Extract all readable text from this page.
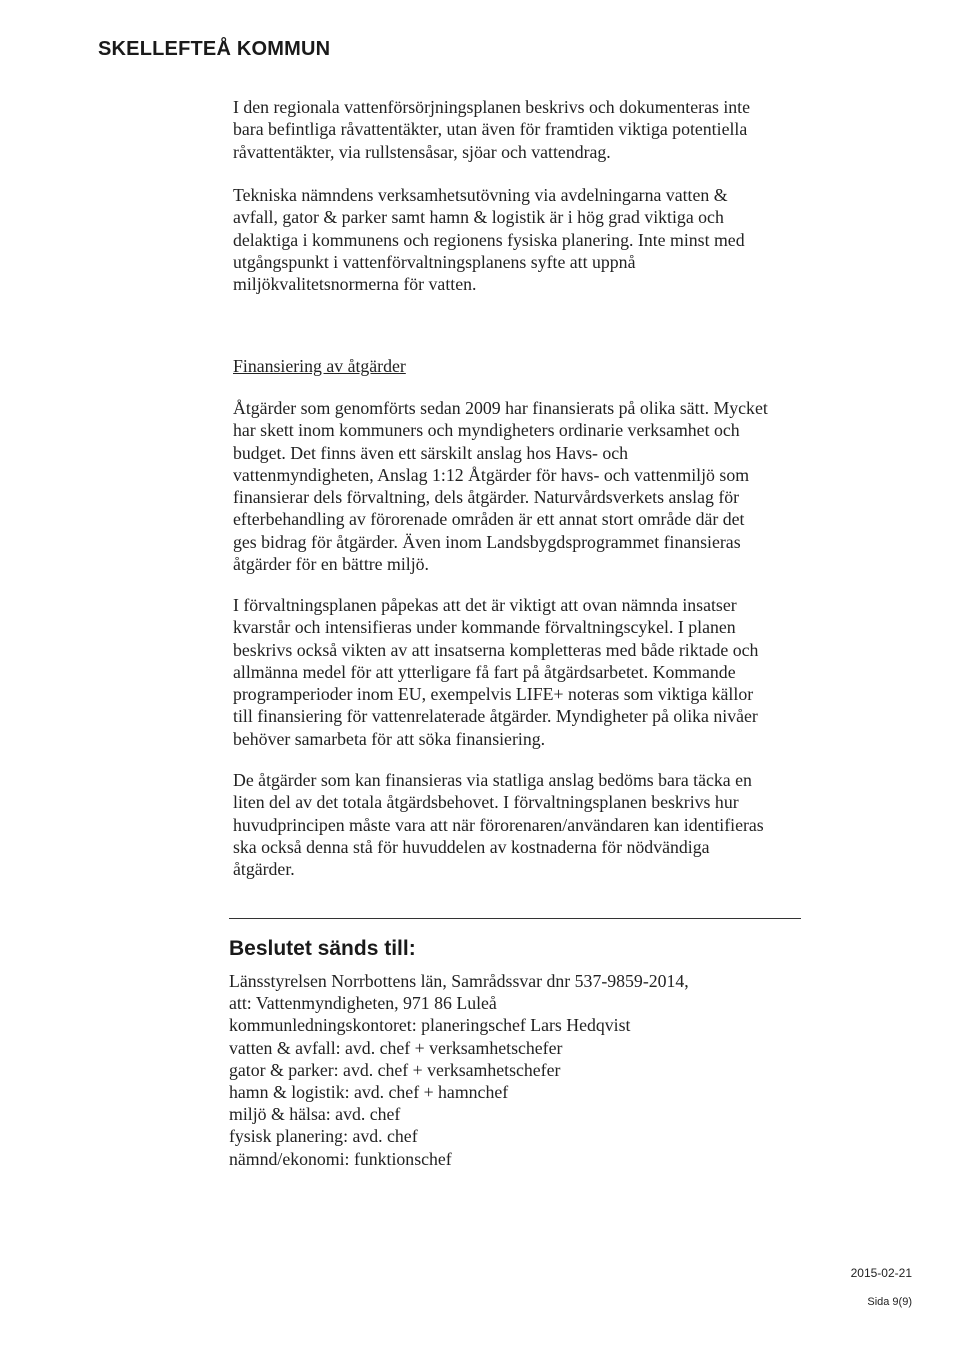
SKELLEFTEÅ KOMMUN

I den regionala vattenförsörjningsplanen beskrivs och dokumenteras inte
bara befintliga råvattentäkter, utan även för framtiden viktiga potentiella
råvattentäkter, via rullstensåsar, sjöar och vattendrag.

Tekniska nämndens verksamhetsutövning via avdelningarna vatten &
avfall, gator & parker samt hamn & logistik är i hög grad viktiga och
delaktiga i kommunens och regionens fysiska planering. Inte minst med
utgångspunkt i vattenförvaltningsplanens syfte att uppnå
miljökvalitetsnormerna för vatten.

Finansiering av åtgärder

Åtgärder som genomförts sedan 2009 har finansierats på olika sätt. Mycket
har skett inom kommuners och myndigheters ordinarie verksamhet och
budget. Det finns även ett särskilt anslag hos Havs- och
vattenmyndigheten, Anslag 1:12 Åtgärder för havs- och vattenmiljö som
finansierar dels förvaltning, dels åtgärder. Naturvårdsverkets anslag för
efterbehandling av förorenade områden är ett annat stort område där det
ges bidrag för åtgärder. Även inom Landsbygdsprogrammet finansieras
åtgärder för en bättre miljö.

I förvaltningsplanen påpekas att det är viktigt att ovan nämnda insatser
kvarstår och intensifieras under kommande förvaltningscykel. I planen
beskrivs också vikten av att insatserna kompletteras med både riktade och
allmänna medel för att ytterligare få fart på åtgärdsarbetet. Kommande
programperioder inom EU, exempelvis LIFE+ noteras som viktiga källor
till finansiering för vattenrelaterade åtgärder. Myndigheter på olika nivåer
behöver samarbeta för att söka finansiering.

De åtgärder som kan finansieras via statliga anslag bedöms bara täcka en
liten del av det totala åtgärdsbehovet. I förvaltningsplanen beskrivs hur
huvudprincipen måste vara att när förorenaren/användaren kan identifieras
ska också denna stå för huvuddelen av kostnaderna för nödvändiga
åtgärder.

Beslutet sänds till:

Länsstyrelsen Norrbottens län, Samrådssvar dnr 537-9859-2014,
att: Vattenmyndigheten, 971 86 Luleå
kommunledningskontoret: planeringschef Lars Hedqvist
vatten & avfall: avd. chef + verksamhetschefer
gator & parker: avd. chef + verksamhetschefer
hamn & logistik: avd. chef + hamnchef
miljö & hälsa: avd. chef
fysisk planering: avd. chef
nämnd/ekonomi: funktionschef

2015-02-21
Sida 9(9)
